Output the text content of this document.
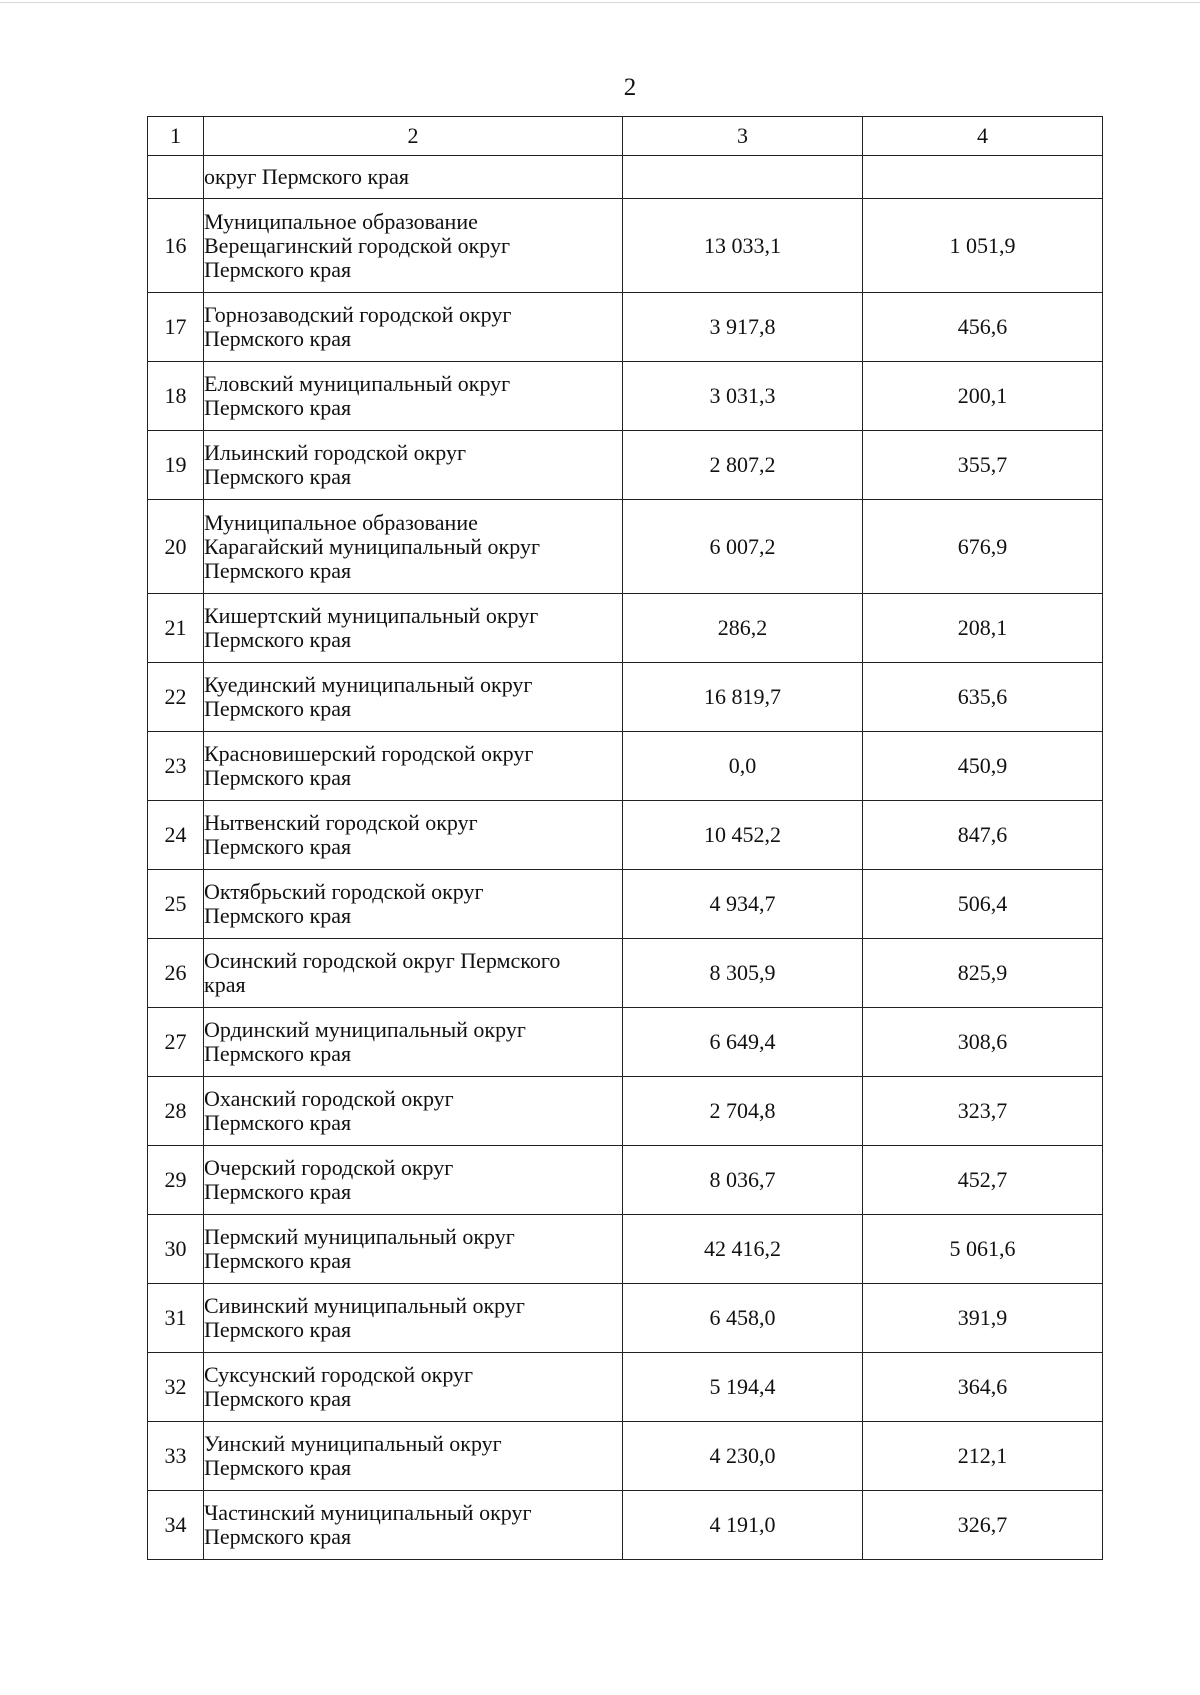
2
1	2	3	4
	округ Пермского края		
16	Муниципальное образование
Верещагинский городской округ
Пермского края	13 033,1	1 051,9
17	Горнозаводский городской округ
Пермского края	3 917,8	456,6
18	Еловский муниципальный округ
Пермского края	3 031,3	200,1
19	Ильинский городской округ
Пермского края	2 807,2	355,7
20	Муниципальное образование
Карагайский муниципальный округ
Пермского края	6 007,2	676,9
21	Кишертский муниципальный округ
Пермского края	286,2	208,1
22	Куединский муниципальный округ
Пермского края	16 819,7	635,6
23	Красновишерский городской округ
Пермского края	0,0	450,9
24	Нытвенский городской округ
Пермского края	10 452,2	847,6
25	Октябрьский городской округ
Пермского края	4 934,7	506,4
26	Осинский городской округ Пермского
края	8 305,9	825,9
27	Ординский муниципальный округ
Пермского края	6 649,4	308,6
28	Оханский городской округ
Пермского края	2 704,8	323,7
29	Очерский городской округ
Пермского края	8 036,7	452,7
30	Пермский муниципальный округ
Пермского края	42 416,2	5 061,6
31	Сивинский муниципальный округ
Пермского края	6 458,0	391,9
32	Суксунский городской округ
Пермского края	5 194,4	364,6
33	Уинский муниципальный округ
Пермского края	4 230,0	212,1
34	Частинский муниципальный округ
Пермского края	4 191,0	326,7
